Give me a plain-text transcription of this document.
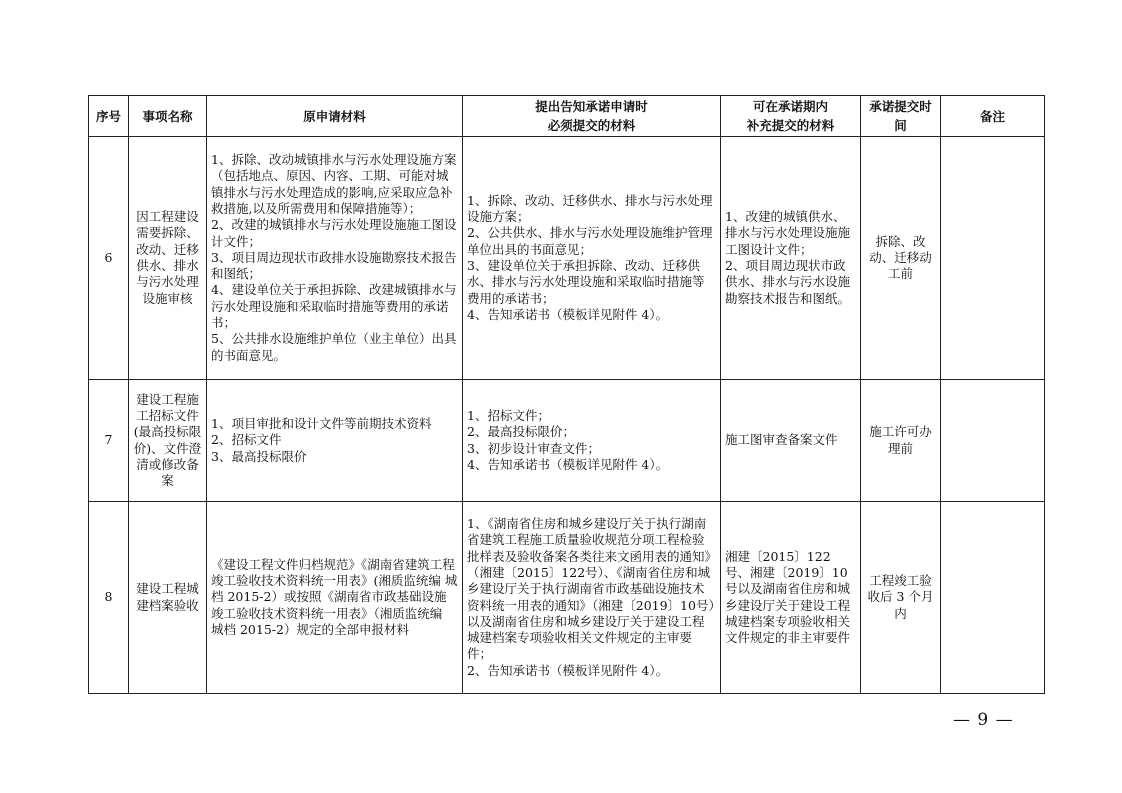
序号	事项名称	原申请材料	提出告知承诺申请时
必须提交的材料	可在承诺期内
补充提交的材料	承诺提交时间	备注
6	因工程建设需要拆除、改动、迁移供水、排水与污水处理设施审核	1、拆除、改动城镇排水与污水处理设施方案（包括地点、原因、内容、工期、可能对城镇排水与污水处理造成的影响,应采取应急补救措施,以及所需费用和保障措施等）；
2、改建的城镇排水与污水处理设施施工图设计文件；
3、项目周边现状市政排水设施勘察技术报告和图纸；
4、建设单位关于承担拆除、改建城镇排水与污水处理设施和采取临时措施等费用的承诺书；
5、公共排水设施维护单位（业主单位）出具的书面意见。	1、拆除、改动、迁移供水、排水与污水处理设施方案；
2、公共供水、排水与污水处理设施维护管理单位出具的书面意见；
3、建设单位关于承担拆除、改动、迁移供水、排水与污水处理设施和采取临时措施等费用的承诺书；
4、告知承诺书（模板详见附件 4）。	1、改建的城镇供水、排水与污水处理设施施工图设计文件；
2、项目周边现状市政供水、排水与污水设施勘察技术报告和图纸。	拆除、改动、迁移动工前	
7	建设工程施工招标文件(最高投标限价)、文件澄清或修改备案	1、项目审批和设计文件等前期技术资料
2、招标文件
3、最高投标限价	1、招标文件；
2、最高投标限价；
3、初步设计审查文件；
4、告知承诺书（模板详见附件 4）。	施工图审查备案文件	施工许可办理前	
8	建设工程城建档案验收	《建设工程文件归档规范》《湖南省建筑工程竣工验收技术资料统一用表》(湘质监统编 城档 2015-2）或按照《湖南省市政基础设施竣工验收技术资料统一用表》（湘质监统编 城档 2015-2）规定的全部申报材料	1、《湖南省住房和城乡建设厅关于执行湖南省建筑工程施工质量验收规范分项工程检验批样表及验收备案各类往来文函用表的通知》（湘建〔2015〕122号）、《湖南省住房和城乡建设厅关于执行湖南省市政基础设施技术资料统一用表的通知》（湘建〔2019〕10号）以及湖南省住房和城乡建设厅关于建设工程城建档案专项验收相关文件规定的主审要件；
2、告知承诺书（模板详见附件 4）。	湘建〔2015〕122 号、湘建〔2019〕10 号以及湖南省住房和城乡建设厅关于建设工程城建档案专项验收相关文件规定的非主审要件	工程竣工验收后 3 个月内	
— 9 —
